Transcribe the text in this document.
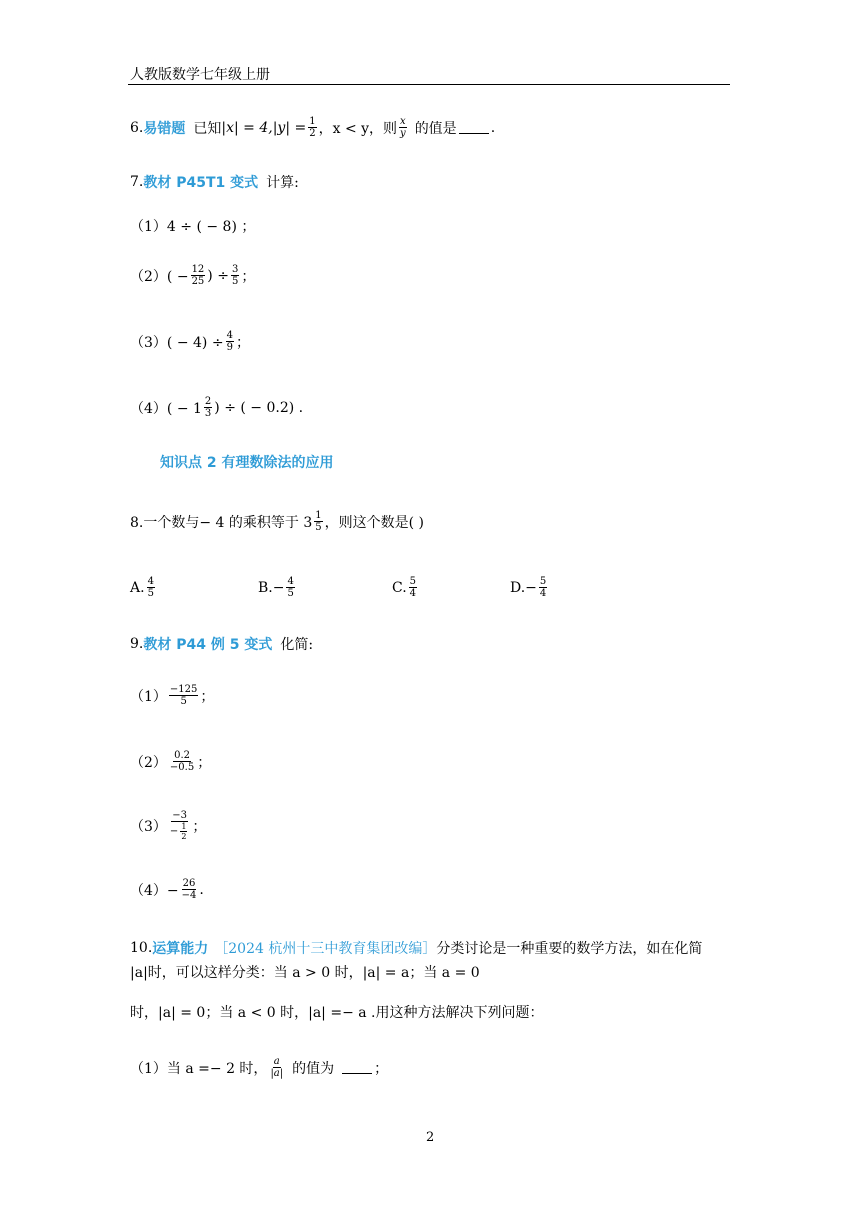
人教版数学七年级上册
6. 易错题 已知 |x| = 4, $|y| = \frac{1}{2}$ ，x < y，则 $\frac{x}{y}$ 的值是 .
7. 教材 P45T1 变式 计算:
（1）4 ÷ ( − 8) ；
$(2)( - \frac{12}{25}$ ) ÷ $\frac{3}{5}$ ；
$(3)( - 4) \div \frac{4}{9}$ ；
$(4)( - 1 \frac{2}{3}$ ) ÷ ( − 0.2) .
知识点 2 有理数除法的应用
8.一个数与− 4 的乘积等于 $3 \frac{1}{5}$ ，则这个数是( )
A. $\frac{4}{5}$	$B.- \frac{4}{5}$	C. $\frac{5}{4}$	$D.- \frac{5}{4}$
9. 教材 P44 例 5 变式 化简:
$(1) \frac{-125}{5}$ ；
$(2) \frac{0.2}{-0.5}$ ；
$(3) \frac{-3}{- \frac{1}{2}}$ ；
$(4)- \frac{26}{-4}$ .
10. 运算能力 ［2024 杭州十三中教育集团改编］ 分类讨论是一种重要的数学方法，如在化简
|a|时，可以这样分类：当 a > 0 时，|a| = a；当 a = 0
时，|a| = 0；当 a < 0 时，|a| =− a .用这种方法解决下列问题：
（1）当 a =− 2 时， $\frac{a}{|a|}$ 的值为	；
2
